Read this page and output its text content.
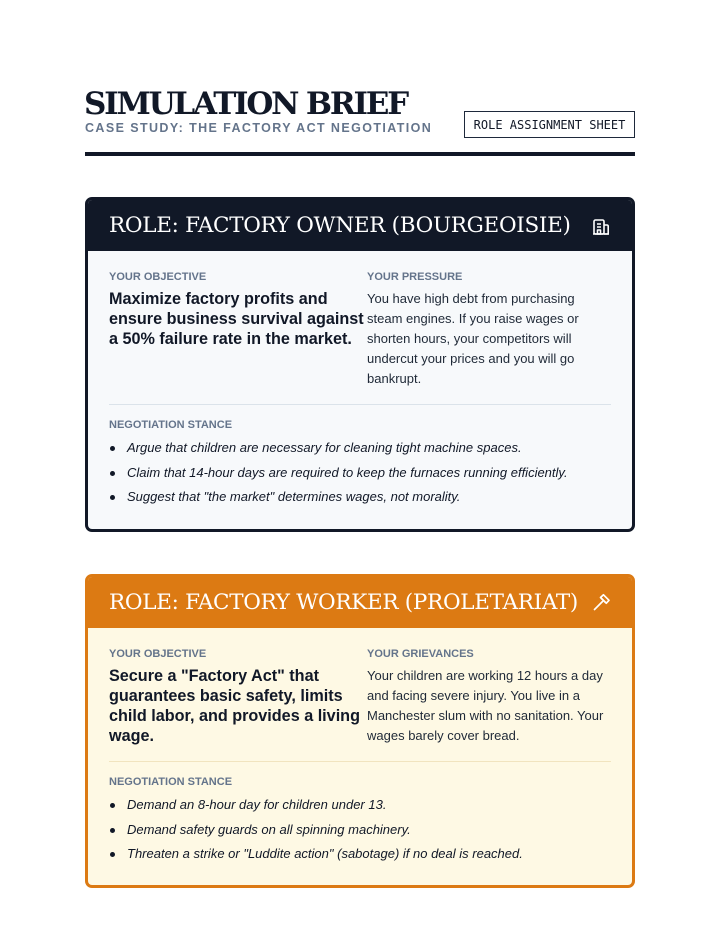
SIMULATION BRIEF
CASE STUDY: THE FACTORY ACT NEGOTIATION	ROLE ASSIGNMENT SHEET
ROLE: FACTORY OWNER (BOURGEOISIE)
YOUR OBJECTIVE
Maximize factory profits and ensure business survival against a 50% failure rate in the market.
YOUR PRESSURE
You have high debt from purchasing steam engines. If you raise wages or shorten hours, your competitors will undercut your prices and you will go bankrupt.
NEGOTIATION STANCE
Argue that children are necessary for cleaning tight machine spaces.
Claim that 14-hour days are required to keep the furnaces running efficiently.
Suggest that "the market" determines wages, not morality.
ROLE: FACTORY WORKER (PROLETARIAT)
YOUR OBJECTIVE
Secure a "Factory Act" that guarantees basic safety, limits child labor, and provides a living wage.
YOUR GRIEVANCES
Your children are working 12 hours a day and facing severe injury. You live in a Manchester slum with no sanitation. Your wages barely cover bread.
NEGOTIATION STANCE
Demand an 8-hour day for children under 13.
Demand safety guards on all spinning machinery.
Threaten a strike or "Luddite action" (sabotage) if no deal is reached.
